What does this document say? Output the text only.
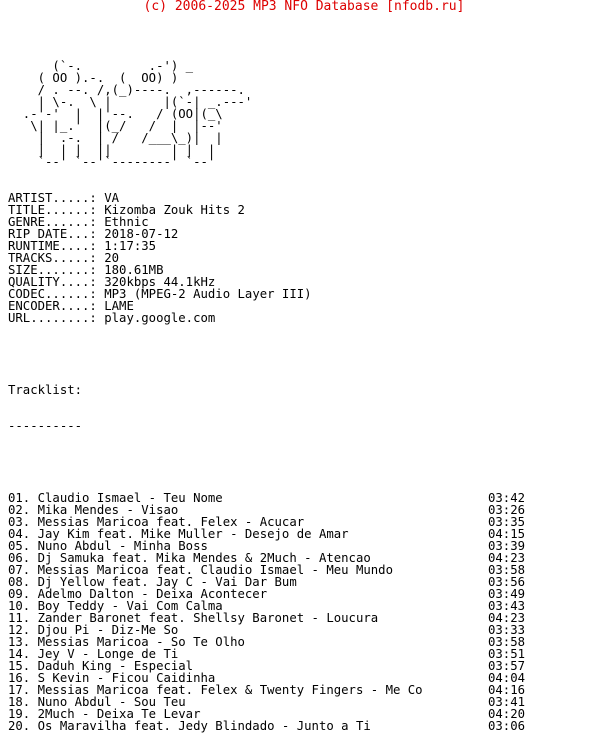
(c) 2006-2025 MP3 NFO Database [nfodb.ru]

(`-.         .-') _
( OO ).-.  (  OO) )
/ . --. /,(_)----.  ,------.
| \-.  \ |       |(`-| _.---'
.-'-'  |  |'--.   / (OO|(_\
\| |_.'  |(_/   /  |  |--'
|  .-.  | /   /___\_)|  |
|  | |  ||        | |  |
`--' `--'`--------' `--'

ARTIST.....: VA
TITLE......: Kizomba Zouk Hits 2
GENRE......: Ethnic
RIP DATE...: 2018-07-12
RUNTIME....: 1:17:35
TRACKS.....: 20
SIZE.......: 180.61MB
QUALITY....: 320kbps 44.1kHz
CODEC......: MP3 (MPEG-2 Audio Layer III)
ENCODER....: LAME
URL........: play.google.com

Tracklist:

----------

01. Claudio Ismael - Teu Nome	03:42
02. Mika Mendes - Visao	03:26
03. Messias Maricoa feat. Felex - Acucar	03:35
04. Jay Kim feat. Mike Muller - Desejo de Amar	04:15
05. Nuno Abdul - Minha Boss	03:39
06. Dj Samuka feat. Mika Mendes & 2Much - Atencao	04:23
07. Messias Maricoa feat. Claudio Ismael - Meu Mundo	03:58
08. Dj Yellow feat. Jay C - Vai Dar Bum	03:56
09. Adelmo Dalton - Deixa Acontecer	03:49
10. Boy Teddy - Vai Com Calma	03:43
11. Zander Baronet feat. Shellsy Baronet - Loucura	04:23
12. Djou Pi - Diz-Me So	03:33
13. Messias Maricoa - So Te Olho	03:58
14. Jey V - Longe de Ti	03:51
15. Daduh King - Especial	03:57
16. S Kevin - Ficou Caidinha	04:04
17. Messias Maricoa feat. Felex & Twenty Fingers - Me Co	04:16
18. Nuno Abdul - Sou Teu	03:41
19. 2Much - Deixa Te Levar	04:20
20. Os Maravilha feat. Jedy Blindado - Junto a Ti	03:06
